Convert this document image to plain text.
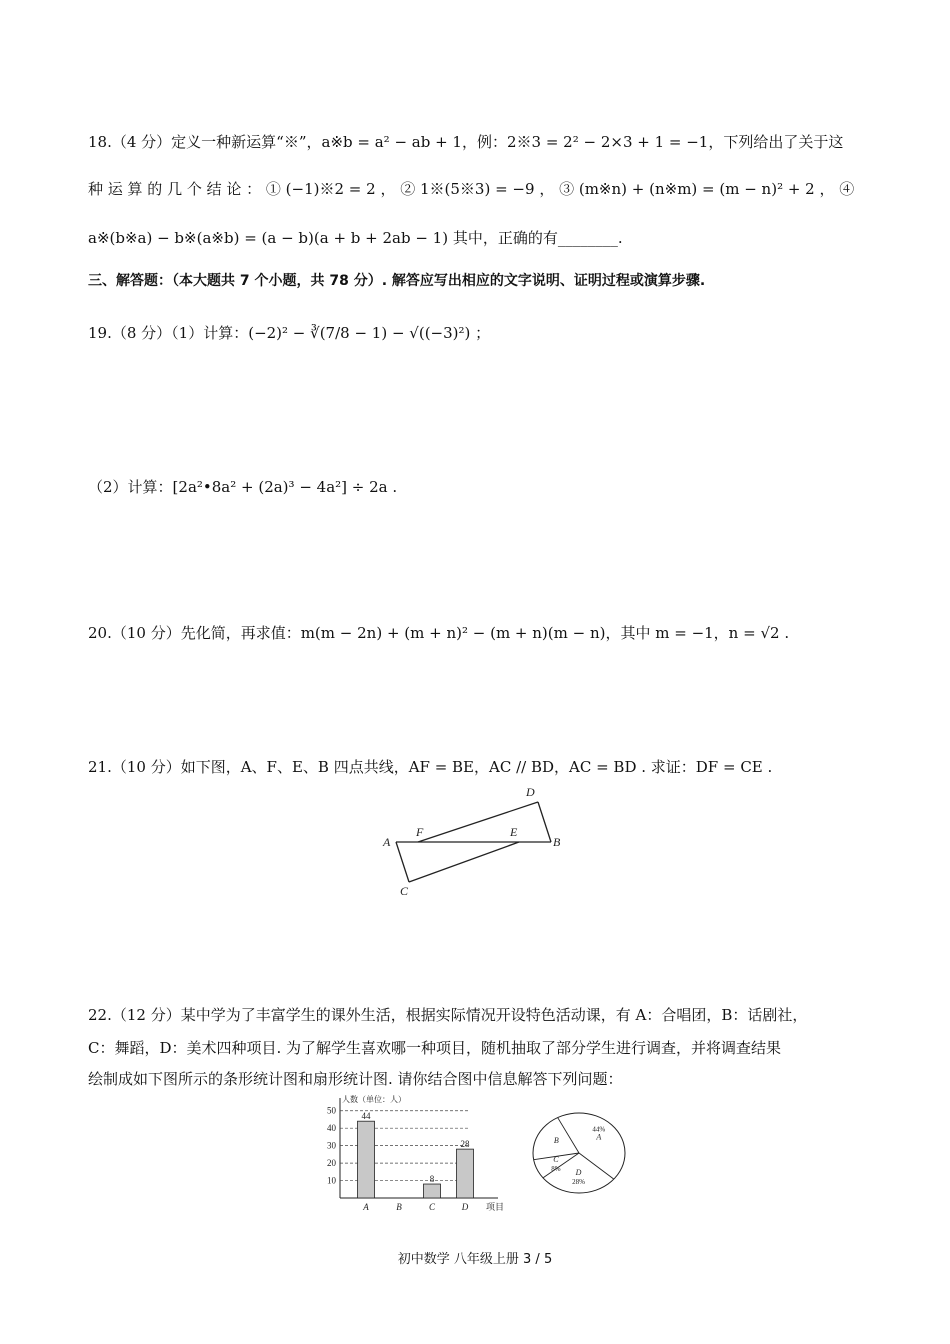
18.（4 分）定义一种新运算“※”，a※b = a² − ab + 1，例：2※3 = 2² − 2×3 + 1 = −1，下列给出了关于这
种 运 算 的 几 个 结 论 ： ① (−1)※2 = 2 ， ② 1※(5※3) = −9 ， ③ (m※n) + (n※m) = (m − n)² + 2 ， ④
a※(b※a) − b※(a※b) = (a − b)(a + b + 2ab − 1) 其中，正确的有________.
三、解答题：（本大题共 7 个小题，共 78 分）. 解答应写出相应的文字说明、证明过程或演算步骤.
19.（8 分）（1）计算：(−2)² − ∛(7/8 − 1) − √((−3)²) ；
（2）计算：[2a²•8a² + (2a)³ − 4a²] ÷ 2a .
20.（10 分）先化简，再求值：m(m − 2n) + (m + n)² − (m + n)(m − n)，其中 m = −1，n = √2 .
21.（10 分）如下图，A、F、E、B 四点共线，AF = BE，AC // BD，AC = BD . 求证：DF = CE .
A
F	E
B
D
C
22.（12 分）某中学为了丰富学生的课外生活，根据实际情况开设特色活动课，有 A：合唱团，B：话剧社，
C：舞蹈，D：美术四种项目. 为了解学生喜欢哪一种项目，随机抽取了部分学生进行调查，并将调查结果
绘制成如下图所示的条形统计图和扇形统计图. 请你结合图中信息解答下列问题：
10
20
30
40
50
人数（单位：人）
项目
44
A	B
8
C
28
D
A
44%
D
28%
C
8%
B
初中数学 八年级上册 3 / 5
